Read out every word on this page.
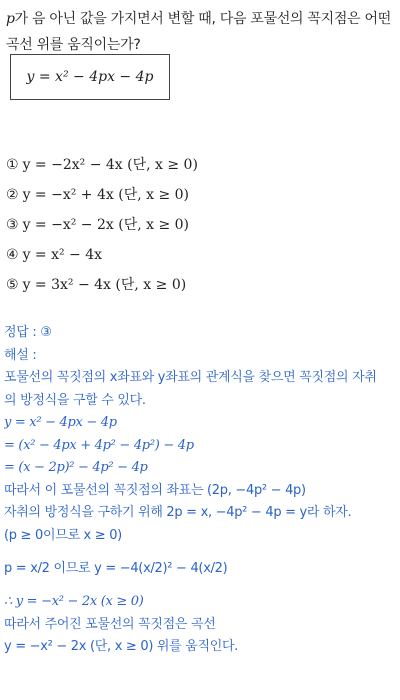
p가 음 아닌 값을 가지면서 변할 때, 다음 포물선의 꼭지점은 어떤
곡선 위를 움직이는가?
y = x² − 4px − 4p
① y = −2x² − 4x (단, x ≥ 0)
② y = −x² + 4x (단, x ≥ 0)
③ y = −x² − 2x (단, x ≥ 0)
④ y = x² − 4x
⑤ y = 3x² − 4x (단, x ≥ 0)
정답 : ③
해설 :
포물선의 꼭짓점의 x좌표와 y좌표의 관계식을 찾으면 꼭짓점의 자취
의 방정식을 구할 수 있다.
y = x² − 4px − 4p
= (x² − 4px + 4p² − 4p²) − 4p
= (x − 2p)² − 4p² − 4p
따라서 이 포물선의 꼭짓점의 좌표는 (2p, −4p² − 4p)
자취의 방정식을 구하기 위해 2p = x, −4p² − 4p = y라 하자.
(p ≥ 0이므로 x ≥ 0)
p = x/2 이므로 y = −4(x/2)² − 4(x/2)
∴ y = −x² − 2x (x ≥ 0)
따라서 주어진 포물선의 꼭짓점은 곡선
y = −x² − 2x (단, x ≥ 0) 위를 움직인다.
